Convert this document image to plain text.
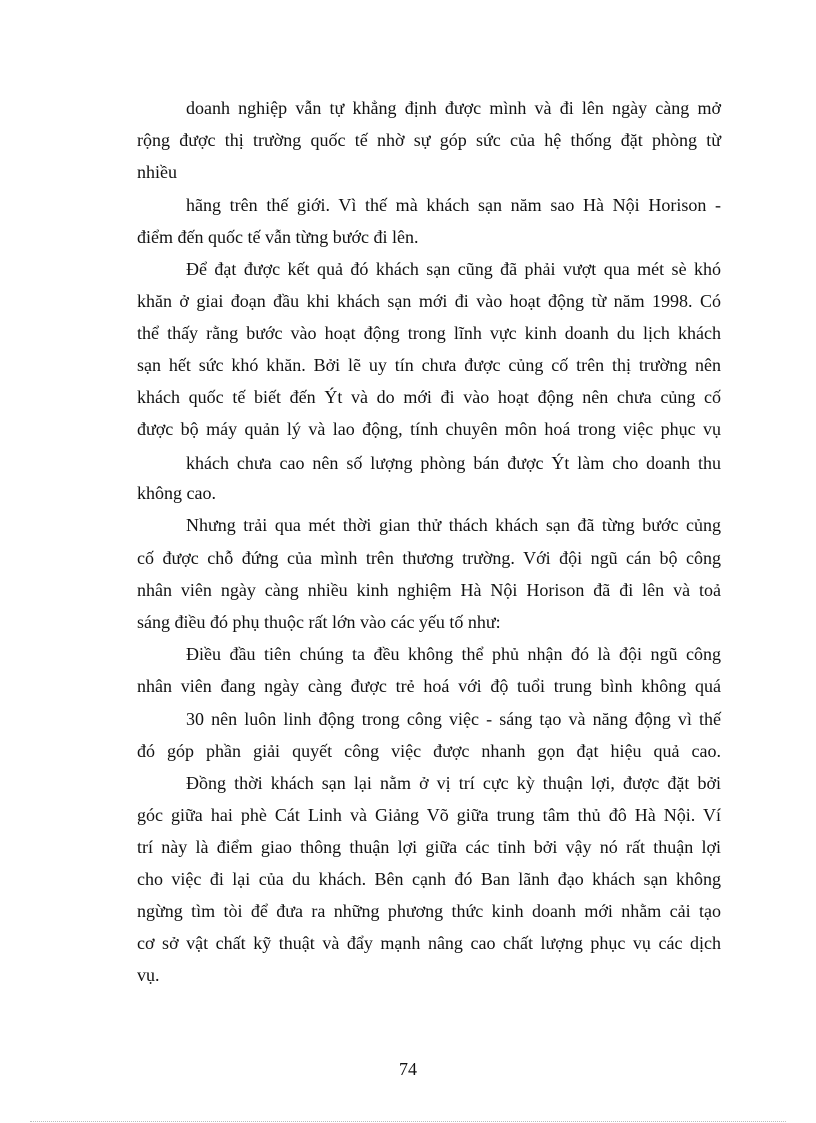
doanh nghiệp vẫn tự khẳng định được mình và đi lên ngày càng mở
rộng được thị trường quốc tế nhờ sự góp sức của hệ thống đặt phòng từ
nhiều
hãng trên thế giới. Vì thế mà khách sạn năm sao Hà Nội Horison -
điểm đến quốc tế vẫn từng bước đi lên.
Để đạt được kết quả đó khách sạn cũng đã phải vượt qua mét sè khó
khăn ở giai đoạn đầu khi khách sạn mới đi vào hoạt động từ năm 1998. Có
thể thấy rằng bước vào hoạt động trong lĩnh vực kinh doanh du lịch khách
sạn hết sức khó khăn. Bởi lẽ uy tín chưa được củng cố trên thị trường nên
khách quốc tế biết đến Ýt và do mới đi vào hoạt động nên chưa củng cố
được bộ máy quản lý và lao động, tính chuyên môn hoá trong việc phục vụ
khách chưa cao nên số lượng phòng bán được Ýt làm cho doanh thu
không cao.
Nhưng trải qua mét thời gian thử thách khách sạn đã từng bước củng
cố được chỗ đứng của mình trên thương trường. Với đội ngũ cán bộ công
nhân viên ngày càng nhiều kinh nghiệm Hà Nội Horison đã đi lên và toả
sáng điều đó phụ thuộc rất lớn vào các yếu tố như:
Điều đầu tiên chúng ta đều không thể phủ nhận đó là đội ngũ công
nhân viên đang ngày càng được trẻ hoá với độ tuổi trung bình không quá
30 nên luôn linh động trong công việc - sáng tạo và năng động vì thế
đó góp phần giải quyết công việc được nhanh gọn đạt hiệu quả cao.
Đồng thời khách sạn lại nằm ở vị trí cực kỳ thuận lợi, được đặt bởi
góc giữa hai phè Cát Linh và Giảng Võ giữa trung tâm thủ đô Hà Nội. Ví
trí này là điểm giao thông thuận lợi giữa các tỉnh bởi vậy nó rất thuận lợi
cho việc đi lại của du khách. Bên cạnh đó Ban lãnh đạo khách sạn không
ngừng tìm tòi để đưa ra những phương thức kinh doanh mới nhằm cải tạo
cơ sở vật chất kỹ thuật và đẩy mạnh nâng cao chất lượng phục vụ các dịch
vụ.
74
